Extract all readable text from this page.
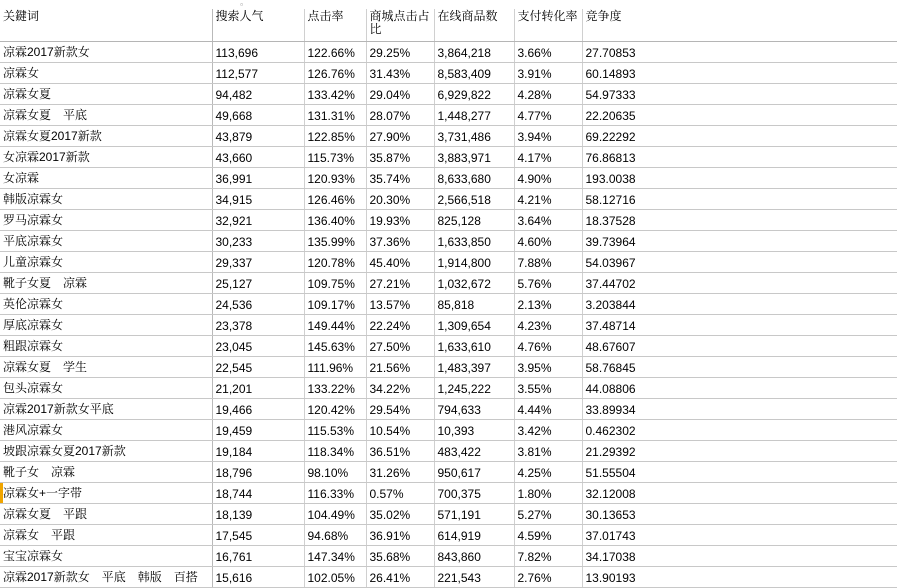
▫
关鍵词	搜索人气	点击率	商城点击占比	在线商品数	支付转化率	竞争度

凉霖2017新款女	113,696	122.66%	29.25%	3,864,218	3.66%	27.70853
凉霖女	112,577	126.76%	31.43%	8,583,409	3.91%	60.14893
凉霖女夏	94,482	133.42%	29.04%	6,929,822	4.28%	54.97333
凉霖女夏　平底	49,668	131.31%	28.07%	1,448,277	4.77%	22.20635
凉霖女夏2017新款	43,879	122.85%	27.90%	3,731,486	3.94%	69.22292
女凉霖2017新款	43,660	115.73%	35.87%	3,883,971	4.17%	76.86813
女凉霖	36,991	120.93%	35.74%	8,633,680	4.90%	193.0038
韩版凉霖女	34,915	126.46%	20.30%	2,566,518	4.21%	58.12716
罗马凉霖女	32,921	136.40%	19.93%	825,128	3.64%	18.37528
平底凉霖女	30,233	135.99%	37.36%	1,633,850	4.60%	39.73964
儿童凉霖女	29,337	120.78%	45.40%	1,914,800	7.88%	54.03967
靴子女夏　凉霖	25,127	109.75%	27.21%	1,032,672	5.76%	37.44702
英伦凉霖女	24,536	109.17%	13.57%	85,818	2.13%	3.203844
厚底凉霖女	23,378	149.44%	22.24%	1,309,654	4.23%	37.48714
粗跟凉霖女	23,045	145.63%	27.50%	1,633,610	4.76%	48.67607
凉霖女夏　学生	22,545	111.96%	21.56%	1,483,397	3.95%	58.76845
包头凉霖女	21,201	133.22%	34.22%	1,245,222	3.55%	44.08806
凉霖2017新款女平底	19,466	120.42%	29.54%	794,633	4.44%	33.89934
港风凉霖女	19,459	115.53%	10.54%	10,393	3.42%	0.462302
坡跟凉霖女夏2017新款	19,184	118.34%	36.51%	483,422	3.81%	21.29392
靴子女　凉霖	18,796	98.10%	31.26%	950,617	4.25%	51.55504
凉霖女+一字带	18,744	116.33%	0.57%	700,375	1.80%	32.12008
凉霖女夏　平跟	18,139	104.49%	35.02%	571,191	5.27%	30.13653
凉霖女　平跟	17,545	94.68%	36.91%	614,919	4.59%	37.01743
宝宝凉霖女	16,761	147.34%	35.68%	843,860	7.82%	34.17038
凉霖2017新款女　平底　韩版　百搭	15,616	102.05%	26.41%	221,543	2.76%	13.90193
